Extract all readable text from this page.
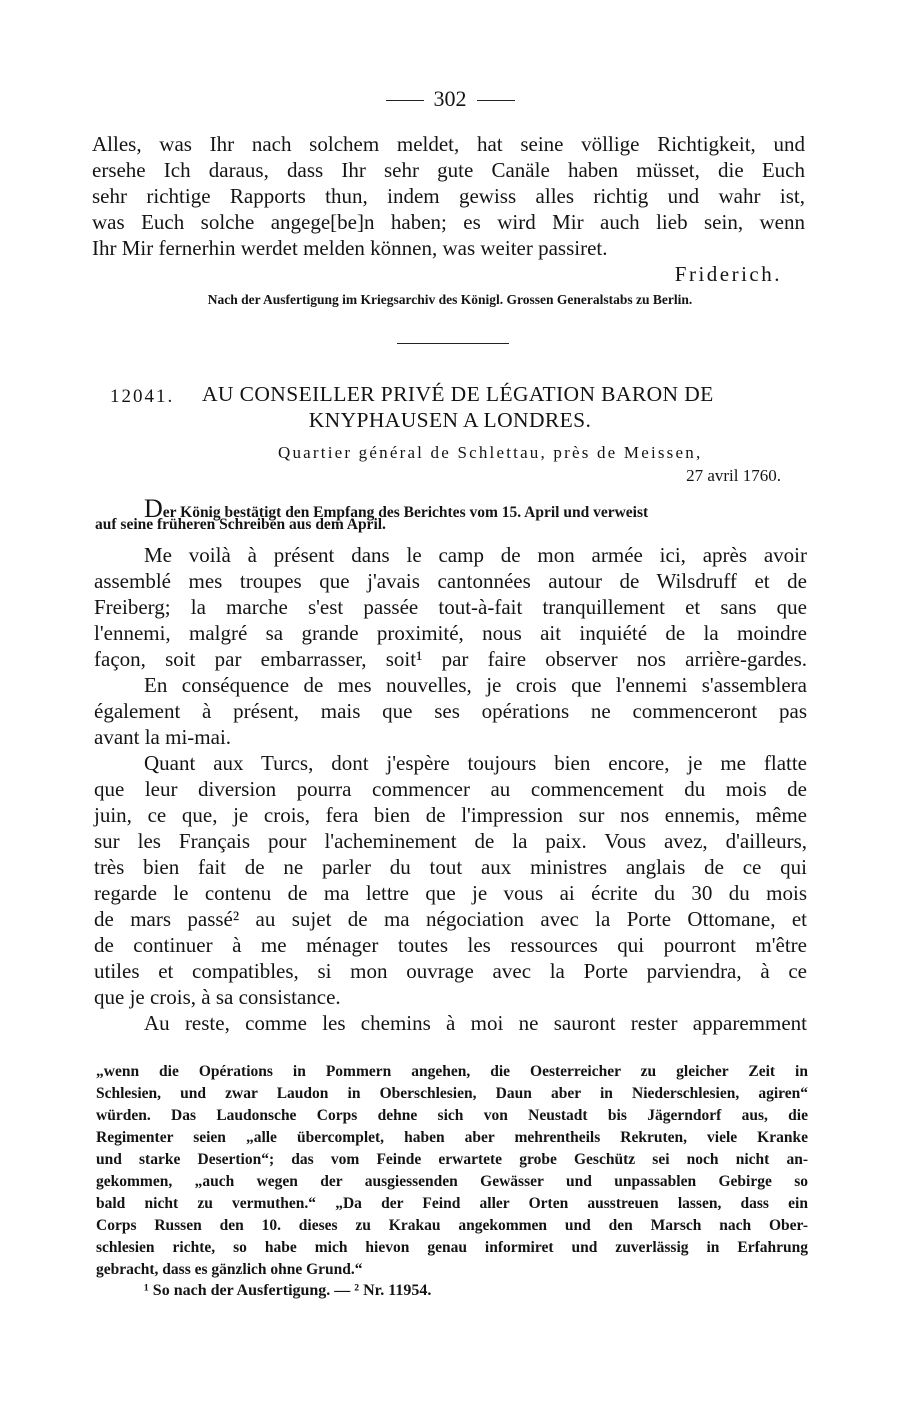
302
Alles, was Ihr nach solchem meldet, hat seine völlige Richtigkeit, und
ersehe Ich daraus, dass Ihr sehr gute Canäle haben müsset, die Euch
sehr richtige Rapports thun, indem gewiss alles richtig und wahr ist,
was Euch solche angege[be]n haben; es wird Mir auch lieb sein, wenn
Ihr Mir fernerhin werdet melden können, was weiter passiret.
Friderich.
Nach der Ausfertigung im Kriegsarchiv des Königl. Grossen Generalstabs zu Berlin.
12041. AU CONSEILLER PRIVÉ DE LÉGATION BARON DE
KNYPHAUSEN A LONDRES.
Quartier général de Schlettau, près de Meissen,
27 avril 1760.
Der König bestätigt den Empfang des Berichtes vom 15. April und verweist
auf seine früheren Schreiben aus dem April.
Me voilà à présent dans le camp de mon armée ici, après avoir
assemblé mes troupes que j'avais cantonnées autour de Wilsdruff et de
Freiberg; la marche s'est passée tout-à-fait tranquillement et sans que
l'ennemi, malgré sa grande proximité, nous ait inquiété de la moindre
façon, soit par embarrasser, soit¹ par faire observer nos arrière-gardes.
En conséquence de mes nouvelles, je crois que l'ennemi s'assemblera
également à présent, mais que ses opérations ne commenceront pas
avant la mi-mai.
Quant aux Turcs, dont j'espère toujours bien encore, je me flatte
que leur diversion pourra commencer au commencement du mois de
juin, ce que, je crois, fera bien de l'impression sur nos ennemis, même
sur les Français pour l'acheminement de la paix. Vous avez, d'ailleurs,
très bien fait de ne parler du tout aux ministres anglais de ce qui
regarde le contenu de ma lettre que je vous ai écrite du 30 du mois
de mars passé² au sujet de ma négociation avec la Porte Ottomane, et
de continuer à me ménager toutes les ressources qui pourront m'être
utiles et compatibles, si mon ouvrage avec la Porte parviendra, à ce
que je crois, à sa consistance.
Au reste, comme les chemins à moi ne sauront rester apparemment
„wenn die Opérations in Pommern angehen, die Oesterreicher zu gleicher Zeit in
Schlesien, und zwar Laudon in Oberschlesien, Daun aber in Niederschlesien, agiren“
würden. Das Laudonsche Corps dehne sich von Neustadt bis Jägerndorf aus, die
Regimenter seien „alle übercomplet, haben aber mehrentheils Rekruten, viele Kranke
und starke Desertion“; das vom Feinde erwartete grobe Geschütz sei noch nicht an-
gekommen, „auch wegen der ausgiessenden Gewässer und unpassablen Gebirge so
bald nicht zu vermuthen.“ „Da der Feind aller Orten ausstreuen lassen, dass ein
Corps Russen den 10. dieses zu Krakau angekommen und den Marsch nach Ober-
schlesien richte, so habe mich hievon genau informiret und zuverlässig in Erfahrung
gebracht, dass es gänzlich ohne Grund.“
¹ So nach der Ausfertigung. — ² Nr. 11954.
